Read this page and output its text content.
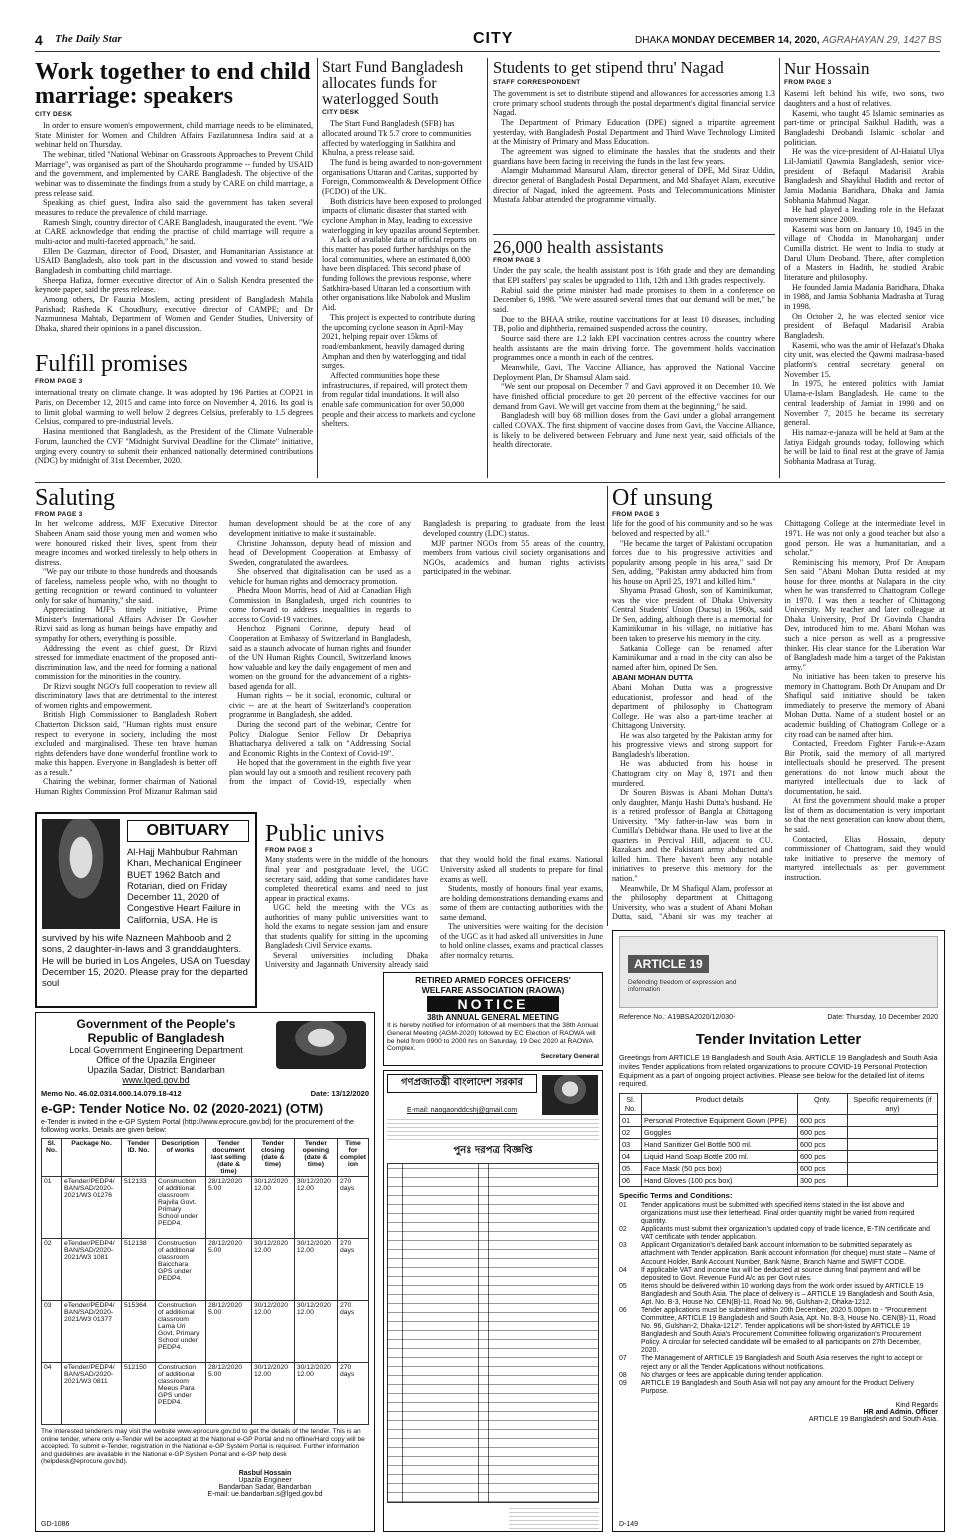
4 The Daily Star	CITY	DHAKA MONDAY DECEMBER 14, 2020, AGRAHAYAN 29, 1427 BS
Work together to end child marriage: speakers
CITY DESK

In order to ensure women's empowerment, child marriage needs to be eliminated, State Minister for Women and Children Affairs Fazilatunnesa Indira said at a webinar held on Thursday.

The webinar, titled "National Webinar on Grassroots Approaches to Prevent Child Marriage", was organised as part of the Shouhardo programme -- funded by USAID and the government, and implemented by CARE Bangladesh. The objective of the webinar was to disseminate the findings from a study by CARE on child marriage, a press release said.

Speaking as chief guest, Indira also said the government has taken several measures to reduce the prevalence of child marriage.

Ramesh Singh, country director of CARE Bangladesh, inaugurated the event. "We at CARE acknowledge that ending the practise of child marriage will require a multi-actor and multi-faceted approach," he said.

Ellen De Guzman, director of Food, Disaster, and Humanitarian Assistance at USAID Bangladesh, also took part in the discussion and vowed to stand beside Bangladesh in combatting child marriage.

Sheepa Hafiza, former executive director of Ain o Salish Kendra presented the keynote paper, said the press release.

Among others, Dr Fauzia Moslem, acting president of Bangladesh Mahila Parishad; Rasheda K Choudhury, executive director of CAMPE; and Dr Nazmunnesa Mahtab, Department of Women and Gender Studies, University of Dhaka, shared their opinions in a panel discussion.

Fulfill promises
FROM PAGE 3

international treaty on climate change. It was adopted by 196 Parties at COP21 in Paris, on December 12, 2015 and came into force on November 4, 2016. Its goal is to limit global warming to well below 2 degrees Celsius, preferably to 1.5 degrees Celsius, compared to pre-industrial levels.

Hasina mentioned that Bangladesh, as the President of the Climate Vulnerable Forum, launched the CVF "Midnight Survival Deadline for the Climate" initiative, urging every country to submit their enhanced nationally determined contributions (NDC) by midnight of 31st December, 2020.

Start Fund Bangladesh allocates funds for waterlogged South
CITY DESK

The Start Fund Bangladesh (SFB) has allocated around Tk 5.7 crore to communities affected by waterlogging in Satkhira and Khulna, a press release said.

The fund is being awarded to non-government organisations Uttaran and Caritas, supported by Foreign, Commonwealth & Development Office (FCDO) of the UK.

Both districts have been exposed to prolonged impacts of climatic disaster that started with cyclone Amphan in May, leading to excessive waterlogging in key upazilas around September.

A lack of available data or official reports on this matter has posed further hardships on the local communities, where an estimated 8,000 have been displaced. This second phase of funding follows the previous response, where Satkhira-based Uttaran led a consortium with other organisations like Nabolok and Muslim Aid.

This project is expected to contribute during the upcoming cyclone season in April-May 2021, helping repair over 15kms of road/embankment, heavily damaged during Amphan and then by waterlogging and tidal surges.

Affected communities hope these infrastructures, if repaired, will protect them from regular tidal inundations. It will also enable safe communication for over 50,000 people and their access to markets and cyclone shelters.

Students to get stipend thru' Nagad
STAFF CORRESPONDENT

The government is set to distribute stipend and allowances for accessories among 1.3 crore primary school students through the postal department's digital financial service Nagad.

The Department of Primary Education (DPE) signed a tripartite agreement yesterday, with Bangladesh Postal Department and Third Wave Technology Limited at the Ministry of Primary and Mass Education.

The agreement was signed to eliminate the hassles that the students and their guardians have been facing in receiving the funds in the last few years.

Alamgir Muhammad Mansurul Alam, director general of DPE, Md Siraz Uddin, director general of Bangladesh Postal Department, and Md Shafayet Alam, executive director of Nagad, inked the agreement. Posts and Telecommunications Minister Mustafa Jabbar attended the programme virtually.

26,000 health assistants
FROM PAGE 3

Under the pay scale, the health assistant post is 16th grade and they are demanding that EPI staffers' pay scales be upgraded to 11th, 12th and 13th grades respectively.

Rabiul said the prime minister had made promises to them in a conference on December 6, 1998. "We were assured several times that our demand will be met," he said.

Due to the BHAA strike, routine vaccinations for at least 10 diseases, including TB, polio and diphtheria, remained suspended across the country.

Source said there are 1.2 lakh EPI vaccination centres across the country where health assistants are the main driving force. The government holds vaccination programmes once a month in each of the centres.

Meanwhile, Gavi, The Vaccine Alliance, has approved the National Vaccine Deployment Plan, Dr Shamsul Alam said.

"We sent our proposal on December 7 and Gavi approved it on December 10. We have finished official procedure to get 20 percent of the effective vaccines for our demand from Gavi. We will get vaccine from them at the beginning," he said.

Bangladesh will buy 68 million doses from the Gavi under a global arrangement called COVAX. The first shipment of vaccine doses from Gavi, the Vaccine Alliance, is likely to be delivered between February and June next year, said officials of the health directorate.

Nur Hossain
FROM PAGE 3

Kasemi left behind his wife, two sons, two daughters and a host of relatives.

Kasemi, who taught 45 Islamic seminaries as part-time or principal Saikhul Hadith, was a Bangladeshi Deobandi Islamic scholar and politician.

He was the vice-president of Al-Haiatul Ulya Lil-Jamiatil Qawmia Bangladesh, senior vice-president of Befaqul Madarisil Arabia Bangladesh and Shaykhul Hadith and rector of Jamia Madania Baridhara, Dhaka and Jamia Sobhania Mahmud Nagar.

He had played a leading role in the Hefazat movement since 2009.

Kasemi was born on January 10, 1945 in the village of Chodda in Manoharganj under Cumilla district. He went to India to study at Darul Ulum Deoband. There, after completion of a Masters in Hadith, he studied Arabic literature and philosophy.

He founded Jamia Madania Baridhara, Dhaka in 1988, and Jamia Sobhania Madrasha at Turag in 1998.

On October 2, he was elected senior vice president of Befaqul Madarisil Arabia Bangladesh.

Kasemi, who was the amir of Hefazat's Dhaka city unit, was elected the Qawmi madrasa-based platform's central secretary general on November 15.

In 1975, he entered politics with Jamiat Ulama-e-Islam Bangladesh. He came to the central leadership of Jamiat in 1990 and on November 7, 2015 he became its secretary general.

His namaz-e-janaza will be held at 9am at the Jatiya Eidgah grounds today, following which he will be laid to final rest at the grave of Jamia Sobhania Madrasa at Turag.

Saluting
FROM PAGE 3

In her welcome address, MJF Executive Director Shaheen Anam said those young men and women who were honoured risked their lives, spent from their meagre incomes and worked tirelessly to help others in distress.

"We pay our tribute to those hundreds and thousands of faceless, nameless people who, with no thought to getting recognition or reward continued to volunteer only for sake of humanity," she said.

Appreciating MJF's timely initiative, Prime Minister's International Affairs Adviser Dr Gowher Rizvi said as long as human beings have empathy and sympathy for others, everything is possible.

Addressing the event as chief guest, Dr Rizvi stressed for immediate enactment of the proposed anti-discrimination law, and the need for forming a national commission for the minorities in the country.

Dr Rizvi sought NGO's full cooperation to review all discriminatory laws that are detrimental to the interest of women rights and empowerment.

British High Commissioner to Bangladesh Robert Chatterton Dickson said, "Human rights must ensure respect to everyone in society, including the most excluded and marginalised. These ten brave human rights defenders have done wonderful frontline work to make this happen. Everyone in Bangladesh is better off as a result."

Chairing the webinar, former chairman of National Human Rights Commission Prof Mizanur Rahman said human development should be at the core of any development initiative to make it sustainable.

Christine Johansson, deputy head of mission and head of Development Cooperation at Embassy of Sweden, congratulated the awardees.

She observed that digitalisation can be used as a vehicle for human rights and democracy promotion.

Phedra Moon Morris, head of Aid at Canadian High Commission in Bangladesh, urged rich countries to come forward to address inequalities in regards to access to Covid-19 vaccines.

Henchoz Pignani Corinne, deputy head of Cooperation at Embassy of Switzerland in Bangladesh, said as a staunch advocate of human rights and founder of the UN Human Rights Council, Switzerland knows how valuable and key the daily engagement of men and women on the ground for the advancement of a rights-based agenda for all.

Human rights -- be it social, economic, cultural or civic -- are at the heart of Switzerland's cooperation programme in Bangladesh, she added.

During the second part of the webinar, Centre for Policy Dialogue Senior Fellow Dr Debapriya Bhattacharya delivered a talk on "Addressing Social and Economic Rights in the Context of Covid-19".

He hoped that the government in the eighth five year plan would lay out a smooth and resilient recovery path from the impact of Covid-19, especially when Bangladesh is preparing to graduate from the least developed country (LDC) status.

MJF partner NGOs from 55 areas of the country, members from various civil society organisations and NGOs, academics and human rights activists participated in the webinar.

Of unsung
FROM PAGE 3

life for the good of his community and so he was beloved and respected by all."

"He became the target of Pakistani occupation forces due to his progressive activities and popularity among people in his area," said Dr Sen, adding, "Pakistan army abducted him from his house on April 25, 1971 and killed him."

Shyama Prasad Ghosh, son of Kaminikumar, was the vice president of Dhaka University Central Students' Union (Ducsu) in 1960s, said Dr Sen, adding, although there is a memorial for Kaminikumar in his village, no initiative has been taken to preserve his memory in the city.

Satkania College can be renamed after Kaminikumar and a road in the city can also be named after him, opined Dr Sen.

ABANI MOHAN DUTTA

Abani Mohan Dutta was a progressive educationist, professor and head of the department of philosophy in Chattogram College. He was also a part-time teacher at Chittagong University.

He was also targeted by the Pakistan army for his progressive views and strong support for Bangladesh's liberation.

He was abducted from his house in Chattogram city on May 8, 1971 and then murdered.

Dr Souren Biswas is Abani Mohan Dutta's only daughter, Manju Hashi Dutta's husband. He is a retired professor of Bangla at Chittagong University. "My father-in-law was born in Cumilla's Debidwar thana. He used to live at the quarters in Percival Hill, adjacent to CU. Razakars and the Pakistani army abducted and killed him. There haven't been any notable initiatives to preserve this memory for the nation."

Meanwhile, Dr M Shafiqul Alam, professor at the philosophy department at Chittagong University, who was a student of Abani Mohan Dutta, said, "Abani sir was my teacher at Chittagong College at the intermediate level in 1971. He was not only a good teacher but also a good person. He was a humanitarian, and a scholar."

Reminiscing his memory, Prof Dr Anupam Sen said "Abani Mohan Dutta resided at my house for three months at Nalapara in the city when he was transferred to Chattogram College in 1970. I was then a teacher of Chittagong University. My teacher and later colleague at Dhaka University, Prof Dr Govinda Chandra Dev, introduced him to me. Abani Mohan was such a nice person as well as a progressive thinker. His clear stance for the Liberation War of Bangladesh made him a target of the Pakistan army."

No initiative has been taken to preserve his memory in Chattogram. Both Dr Anupam and Dr Shafiqul said initiative should be taken immediately to preserve the memory of Abani Mohan Dutta. Name of a student hostel or an academic building of Chattogram College or a city road can be named after him.

Contacted, Freedom Fighter Faruk-e-Azam Bir Protik, said the memory of all martyred intellectuals should be preserved. The present generations do not know much about the martyred intellectuals due to lack of documentation, he said.

At first the government should make a proper list of them as documentation is very important so that the next generation can know about them, he said.

Contacted, Elias Hossain, deputy commissioner of Chattogram, said they would take initiative to preserve the memory of martyred intellectuals as per government instruction.

OBITUARY
Al-Hajj Mahbubur Rahman Khan, Mechanical Engineer BUET 1962 Batch and Rotarian, died on Friday December 11, 2020 of Congestive Heart Failure in California, USA. He is
survived by his wife Nazneen Mahboob and 2 sons, 2 daughter-in-laws and 3 granddaughters. He will be buried in Los Angeles, USA on Tuesday December 15, 2020. Please pray for the departed soul
Public univs
FROM PAGE 3

Many students were in the middle of the honours final year and postgraduate level, the UGC secretary said, adding that some candidates have completed theoretical exams and need to just appear in practical exams.

UGC held the meeting with the VCs as authorities of many public universities want to hold the exams to negate session jam and ensure that students qualify for sitting in the upcoming Bangladesh Civil Service exams.

Several universities including Dhaka University and Jagannath University already said that they would hold the final exams. National University asked all students to prepare for final exams as well.

Students, mostly of honours final year exams, are holding demonstrations demanding exams and some of them are contacting authorities with the same demand.

The universities were waiting for the decision of the UGC as it had asked all universities in June to hold online classes, exams and practical classes after normalcy returns.

RETIRED ARMED FORCES OFFICERS'
WELFARE ASSOCIATION (RAOWA)
NOTICE
38th ANNUAL GENERAL MEETING
It is hereby notified for information of all members that the 38th Annual General Meeting (AGM-2020) followed by EC Election of RAOWA will be held from 0900 to 2000 hrs on Saturday, 19 Dec 2020 at RAOWA Complex.
Secretary General
Government of the People's
Republic of Bangladesh
Local Government Engineering Department
Office of the Upazila Engineer
Upazila Sadar, District: Bandarban
www.lged.gov.bd
Memo No. 46.02.0314.000.14.079.18-412	Date: 13/12/2020
e-GP: Tender Notice No. 02 (2020-2021) (OTM)
e-Tender is invited in the e-GP System Portal (http://www.eprocure.gov.bd) for the procurement of the following works. Details are given below:
Sl. No.	Package No.	Tender ID. No.	Description of works	Tender document last selling (date & time)	Tender closing (date & time)	Tender opening (date & time)	Time for complet ion
01	eTender/PEDP4/ BAN/SAD/2020-2021/W3 01276	512133	Construction of additional classroom Rajvila Govt. Primary School under PEDP4.	28/12/2020 5.00	30/12/2020 12.00	30/12/2020 12.00	270 days
02	eTender/PEDP4/ BAN/SAD/2020-2021/W3 1081	512138	Construction of additional classroom Baicchara GPS under PEDP4.	28/12/2020 5.00	30/12/2020 12.00	30/12/2020 12.00	270 days
03	eTender/PEDP4/ BAN/SAD/2020-2021/W3 01377	515364	Construction of additional classroom Lama Uri Govt. Primary School under PEDP4.	28/12/2020 5.00	30/12/2020 12.00	30/12/2020 12.00	270 days
04	eTender/PEDP4/ BAN/SAD/2020-2021/W3 0811	512150	Construction of additional classroom Meeus Para GPS under PEDP4.	28/12/2020 5.00	30/12/2020 12.00	30/12/2020 12.00	270 days
The interested tenderers may visit the website www.eprocure.gov.bd to get the details of the tender. This is an online tender, where only e-Tender will be accepted at the National e-GP Portal and no offline/Hard copy will be accepted. To submit e-Tender, registration in the National e-GP System Portal is required. Further information and guidelines are available in the National e-GP System Portal and e-GP help desk (helpdesk@eprocure.gov.bd).
Rasbul Hossain
Upazila Engineer
Bandarban Sadar, Bandarban
E-mail: ue.bandarban.s@lged.gov.bd
GD-1086
গণপ্রজাতন্ত্রী বাংলাদেশ সরকার
E-mail: naogaonddcshj@gmail.com
পুনঃ দরপত্র বিজ্ঞপ্তি
ARTICLE 19
Defending freedom of expression and information
Reference No.: A19BSA2020/12/030-	Date: Thursday, 10 December 2020
Tender Invitation Letter
Greetings from ARTICLE 19 Bangladesh and South Asia. ARTICLE 19 Bangladesh and South Asia invites Tender applications from related organizations to procure COVID-19 Personal Protection Equipment as a part of ongoing project activities. Please see below for the detailed list of items required.
Sl. No.	Product details	Qnty.	Specific requirements (if any)
01	Personal Protective Equipment Gown (PPE)	600 pcs	
02	Goggles	600 pcs	
03	Hand Sanitizer Gel Bottle 500 ml.	600 pcs	
04	Liquid Hand Soap Bottle 200 ml.	600 pcs	
05	Face Mask (50 pcs box)	600 pcs	
06	Hand Gloves (100 pcs box)	300 pcs	
Specific Terms and Conditions:
01	Tender applications must be submitted with specified items stated in the list above and organizations must use their letterhead. Final order quantity might be varied from required quantity.
02	Applicants must submit their organization's updated copy of trade licence, E-TIN certificate and VAT certificate with tender application.
03	Applicant Organization's detailed bank account information to be submitted separately as attachment with Tender application. Bank account information (for cheque) must state – Name of Account Holder, Bank Account Number, Bank Name, Branch Name and SWIFT CODE.
04	If applicable VAT and income tax will be deducted at source during final payment and will be deposited to Govt. Revenue Fund A/c as per Govt rules.
05	Items should be delivered within 10 working days from the work order issued by ARTICLE 19 Bangladesh and South Asia. The place of delivery is – ARTICLE 19 Bangladesh and South Asia, Apt. No. B-3, House No. CEN(B)-11, Road No. 96, Gulshan-2, Dhaka-1212.
06	Tender applications must be submitted within 20th December, 2020 5.00pm to - "Procurement Committee, ARTICLE 19 Bangladesh and South Asia, Apt. No. B-3, House No. CEN(B)-11, Road No. 96, Gulshan-2, Dhaka-1212". Tender applications will be short-listed by ARTICLE 19 Bangladesh and South Asia's Procurement Committee following organization's Procurement Policy. A circular for selected candidate will be emailed to all participants on 27th December, 2020.
07	The Management of ARTICLE 19 Bangladesh and South Asia reserves the right to accept or reject any or all the Tender Applications without notifications.
08	No charges or fees are applicable during tender application.
09	ARTICLE 19 Bangladesh and South Asia will not pay any amount for the Product Delivery Purpose.
Kind Regards
HR and Admin. Officer
ARTICLE 19 Bangladesh and South Asia.
D-149
